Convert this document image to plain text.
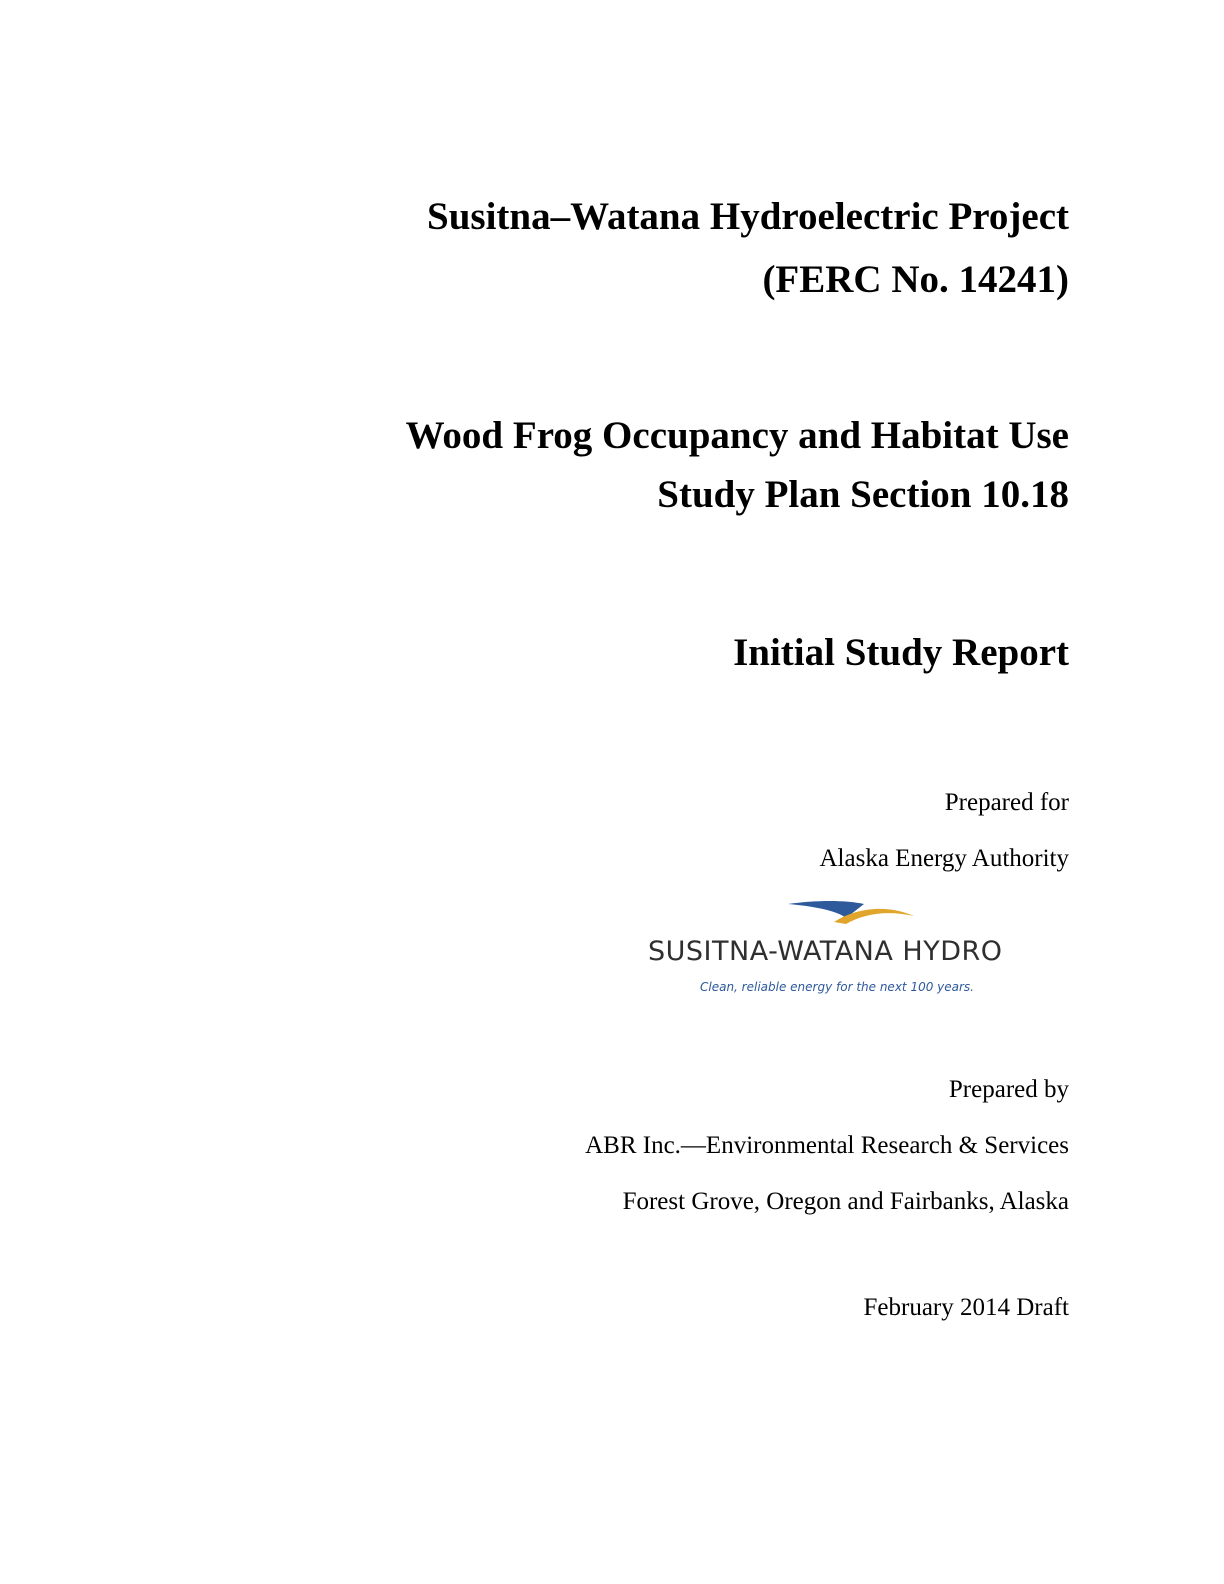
Susitna–Watana Hydroelectric Project

(FERC No. 14241)

Wood Frog Occupancy and Habitat Use

Study Plan Section 10.18

Initial Study Report

Prepared for

Alaska Energy Authority

SUSITNA-WATANA HYDRO
Clean, reliable energy for the next 100 years.

Prepared by

ABR Inc.—Environmental Research & Services

Forest Grove, Oregon and Fairbanks, Alaska

February 2014 Draft
